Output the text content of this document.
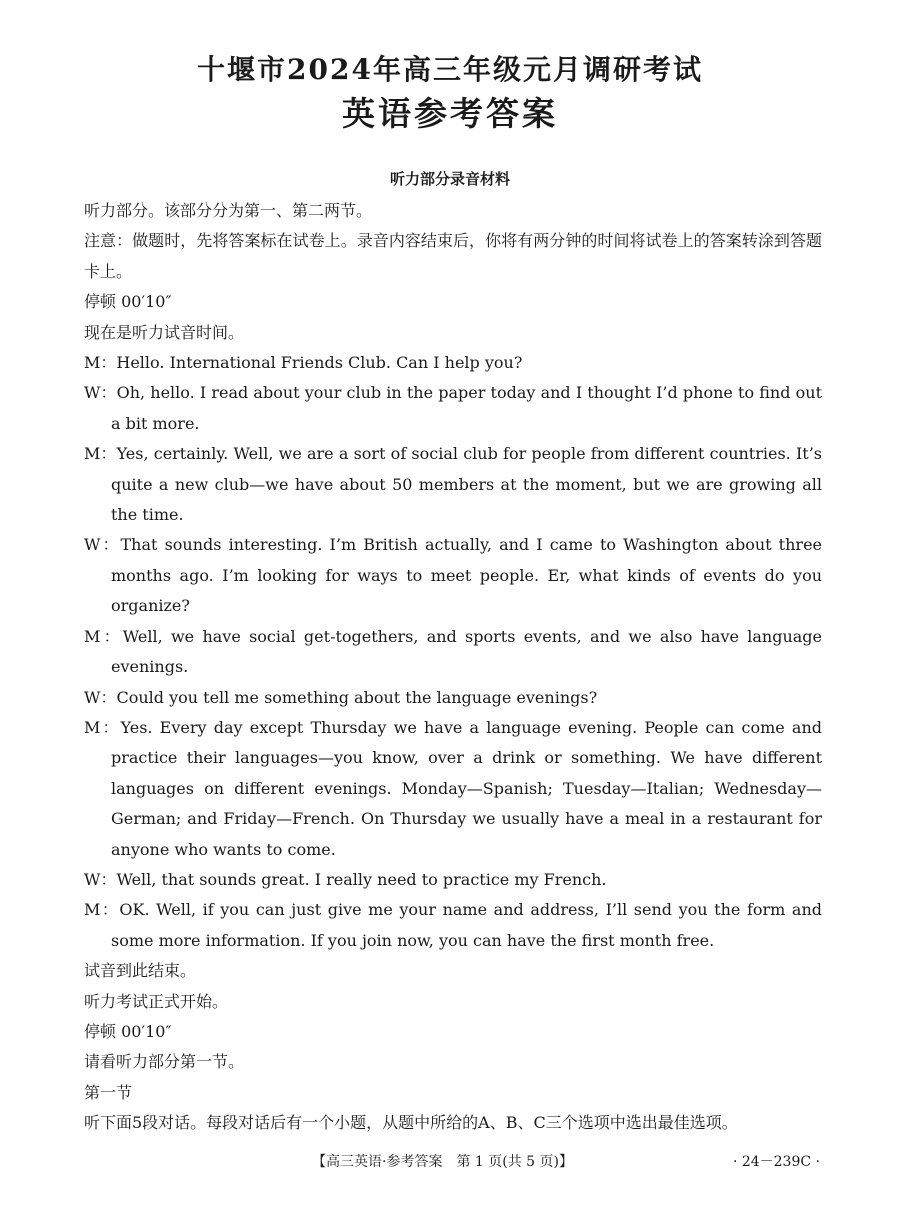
十堰市2024年高三年级元月调研考试
英语参考答案
听力部分录音材料

听力部分。该部分分为第一、第二两节。

注意：做题时，先将答案标在试卷上。录音内容结束后，你将有两分钟的时间将试卷上的答案转涂到答题卡上。

停顿 00′10″

现在是听力试音时间。

M：Hello. International Friends Club. Can I help you?

W：Oh, hello. I read about your club in the paper today and I thought I’d phone to find out a bit more.

M：Yes, certainly. Well, we are a sort of social club for people from different countries. It’s quite a new club—we have about 50 members at the moment, but we are growing all the time.

W：That sounds interesting. I’m British actually, and I came to Washington about three months ago. I’m looking for ways to meet people. Er, what kinds of events do you organize?

M：Well, we have social get-togethers, and sports events, and we also have language evenings.

W：Could you tell me something about the language evenings?

M：Yes. Every day except Thursday we have a language evening. People can come and practice their languages—you know, over a drink or something. We have different languages on different evenings. Monday—Spanish; Tuesday—Italian; Wednesday—German; and Friday—French. On Thursday we usually have a meal in a restaurant for anyone who wants to come.

W：Well, that sounds great. I really need to practice my French.

M：OK. Well, if you can just give me your name and address, I’ll send you the form and some more information. If you join now, you can have the first month free.

试音到此结束。

听力考试正式开始。

停顿 00′10″

请看听力部分第一节。

第一节

听下面5段对话。每段对话后有一个小题，从题中所给的A、B、C三个选项中选出最佳选项。

【高三英语·参考答案　第 1 页(共 5 页)】	· 24－239C ·
